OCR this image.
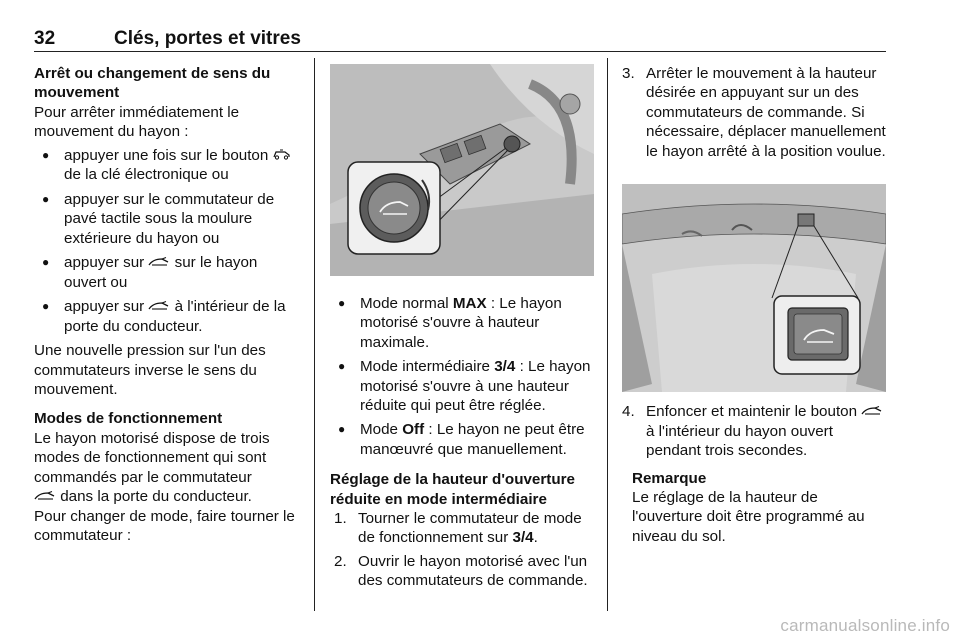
32	Clés, portes et vitres
Arrêt ou changement de sens du mouvement
Pour arrêter immédiatement le mouvement du hayon :
● appuyer une fois sur le bouton  de la clé électronique ou
● appuyer sur le commutateur de pavé tactile sous la moulure extérieure du hayon ou
● appuyer sur  sur le hayon ouvert ou
● appuyer sur  à l'intérieur de la porte du conducteur.
Une nouvelle pression sur l'un des commutateurs inverse le sens du mouvement.
Modes de fonctionnement
Le hayon motorisé dispose de trois modes de fonctionnement qui sont commandés par le commutateur
dans la porte du conducteur.
Pour changer de mode, faire tourner le commutateur :
● Mode normal MAX : Le hayon motorisé s'ouvre à hauteur maximale.
● Mode intermédiaire 3/4 : Le hayon motorisé s'ouvre à une hauteur réduite qui peut être réglée.
● Mode Off : Le hayon ne peut être manœuvré que manuellement.
Réglage de la hauteur d'ouverture réduite en mode intermédiaire
1. Tourner le commutateur de mode de fonctionnement sur 3/4.
2. Ouvrir le hayon motorisé avec l'un des commutateurs de commande.
3. Arrêter le mouvement à la hauteur désirée en appuyant sur un des commutateurs de commande. Si nécessaire, déplacer manuellement le hayon arrêté à la position voulue.
4. Enfoncer et maintenir le bouton  à l'intérieur du hayon ouvert pendant trois secondes.
Remarque
Le réglage de la hauteur de l'ouverture doit être programmé au niveau du sol.
carmanualsonline.info
